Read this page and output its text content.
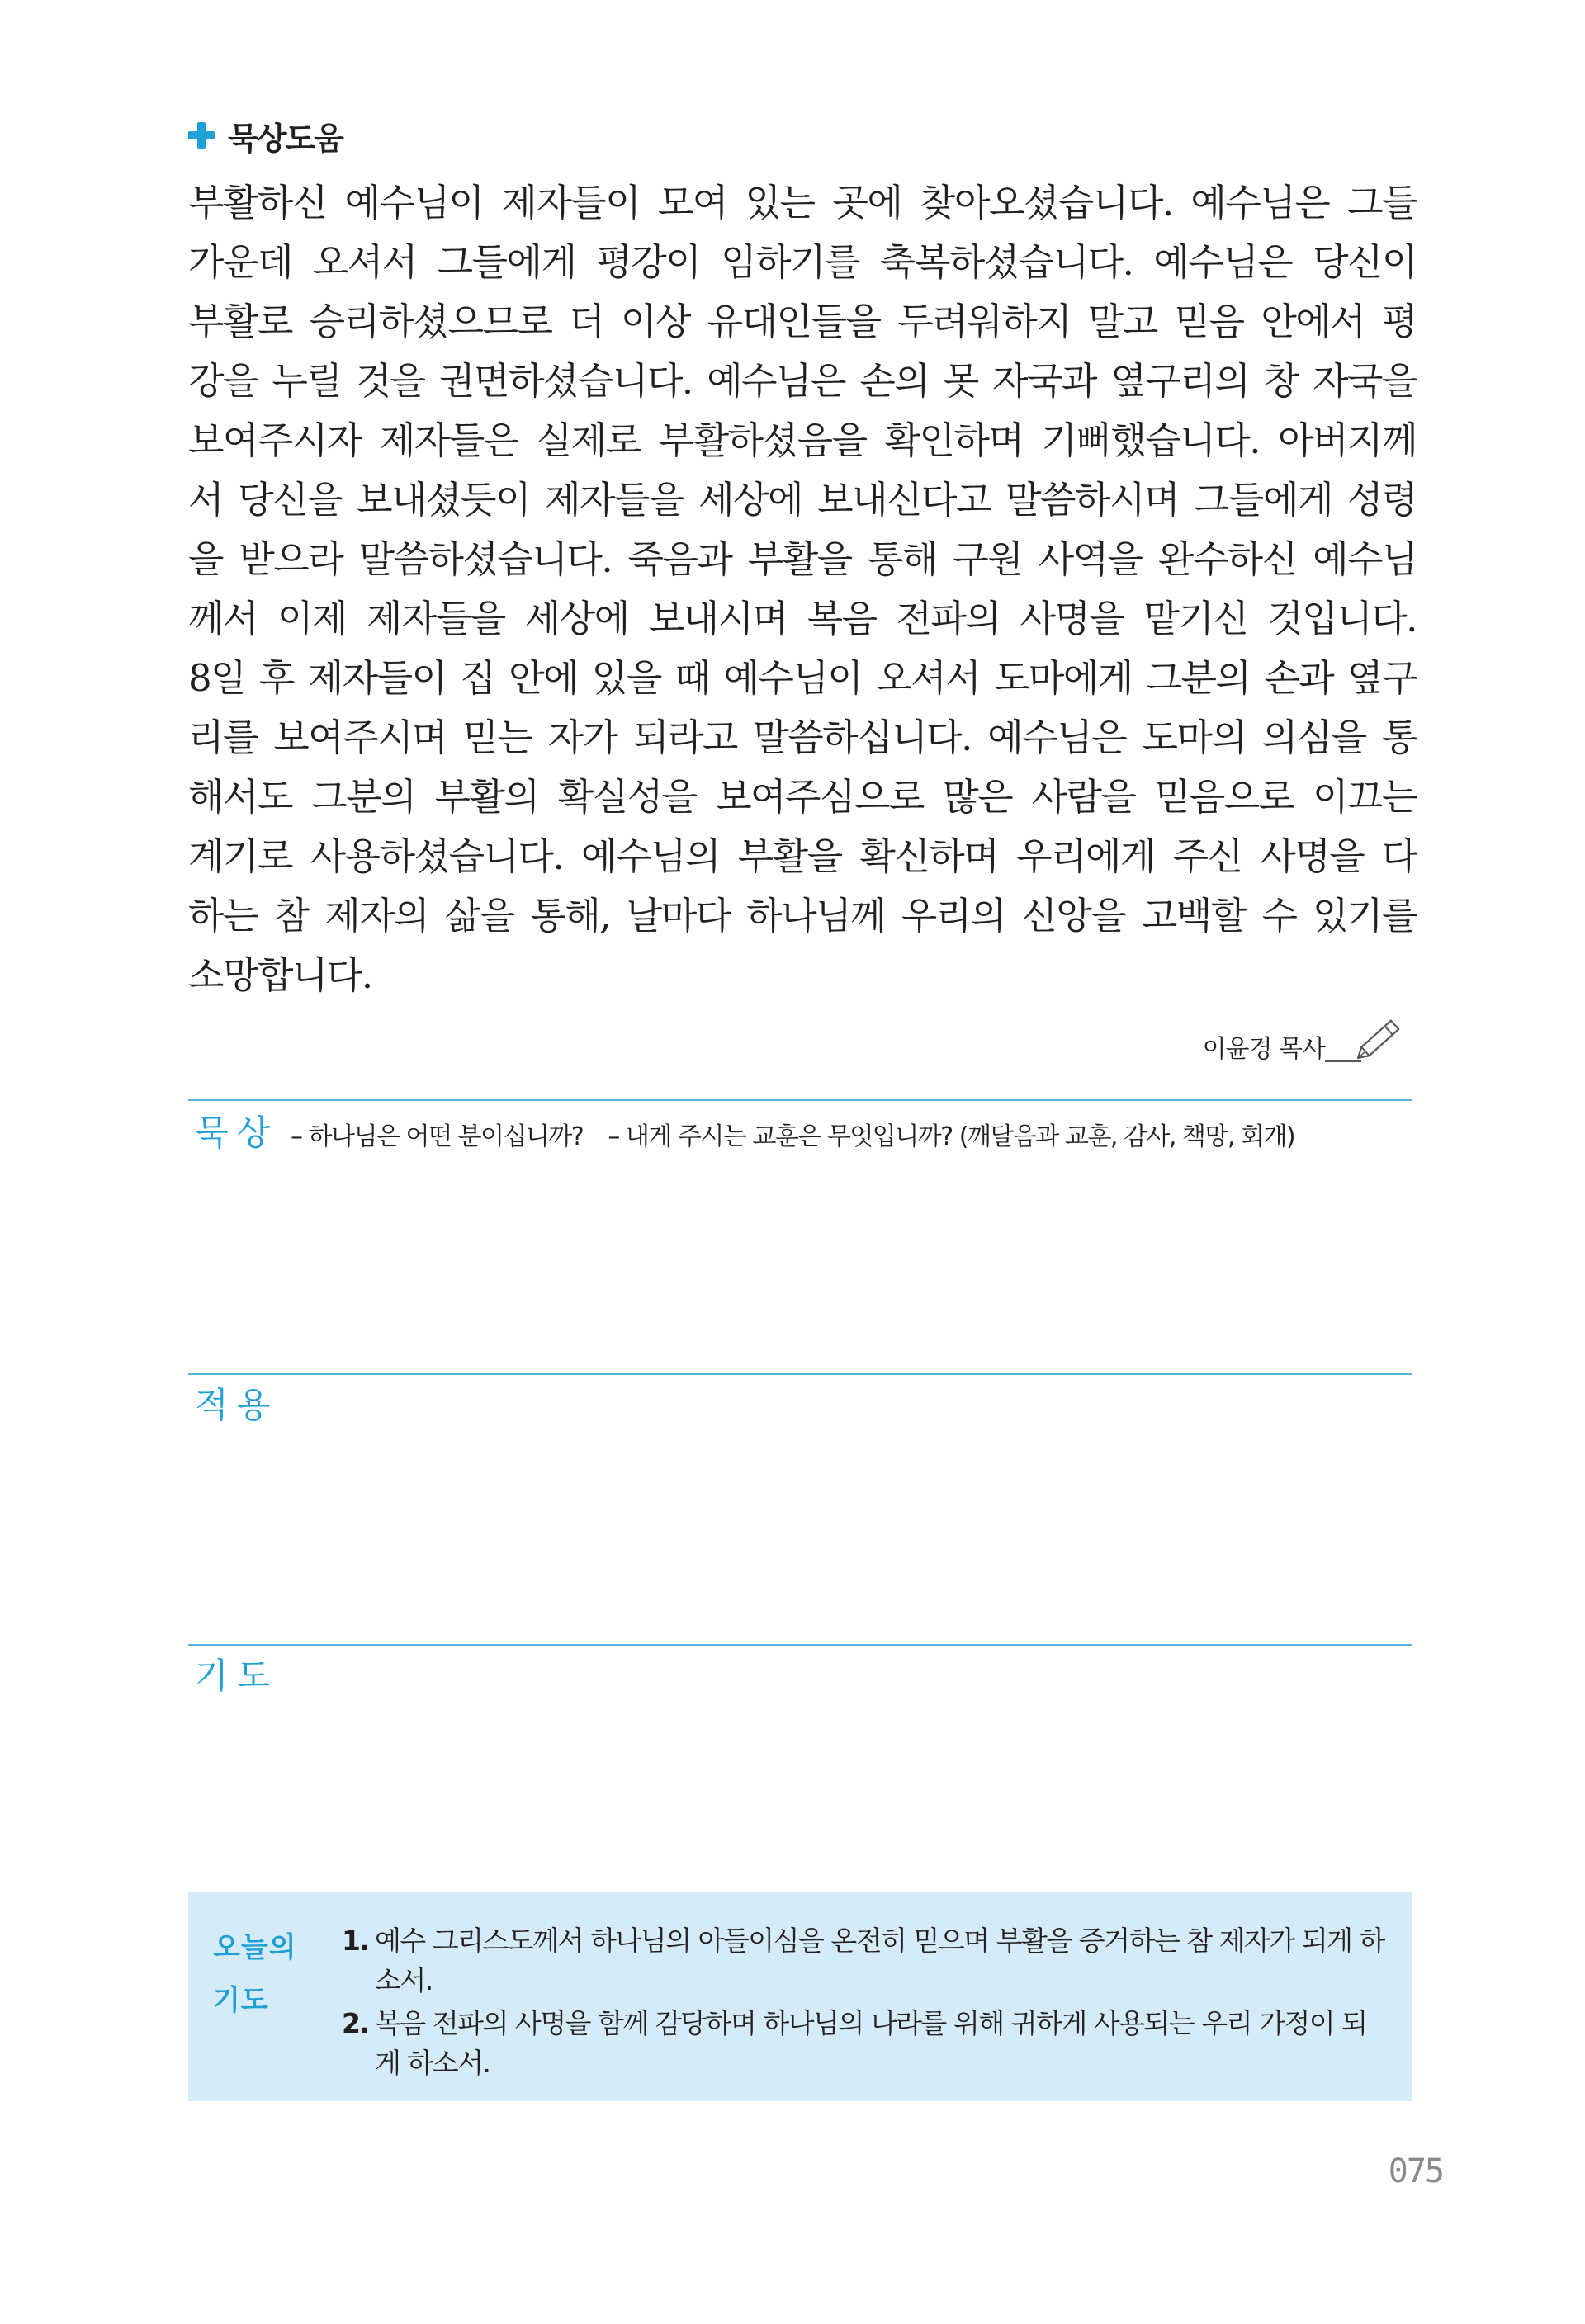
묵상도움
부활하신 예수님이 제자들이 모여 있는 곳에 찾아오셨습니다. 예수님은 그들
가운데 오셔서 그들에게 평강이 임하기를 축복하셨습니다. 예수님은 당신이
부활로 승리하셨으므로 더 이상 유대인들을 두려워하지 말고 믿음 안에서 평
강을 누릴 것을 권면하셨습니다. 예수님은 손의 못 자국과 옆구리의 창 자국을
보여주시자 제자들은 실제로 부활하셨음을 확인하며 기뻐했습니다. 아버지께
서 당신을 보내셨듯이 제자들을 세상에 보내신다고 말씀하시며 그들에게 성령
을 받으라 말씀하셨습니다. 죽음과 부활을 통해 구원 사역을 완수하신 예수님
께서 이제 제자들을 세상에 보내시며 복음 전파의 사명을 맡기신 것입니다.
8일 후 제자들이 집 안에 있을 때 예수님이 오셔서 도마에게 그분의 손과 옆구
리를 보여주시며 믿는 자가 되라고 말씀하십니다. 예수님은 도마의 의심을 통
해서도 그분의 부활의 확실성을 보여주심으로 많은 사람을 믿음으로 이끄는
계기로 사용하셨습니다. 예수님의 부활을 확신하며 우리에게 주신 사명을 다
하는 참 제자의 삶을 통해, 날마다 하나님께 우리의 신앙을 고백할 수 있기를
소망합니다.
이윤경 목사
묵상 – 하나님은 어떤 분이십니까? – 내게 주시는 교훈은 무엇입니까? (깨달음과 교훈, 감사, 책망, 회개)
적용
기도
오늘의
기도
1. 예수 그리스도께서 하나님의 아들이심을 온전히 믿으며 부활을 증거하는 참 제자가 되게 하소서.
2. 복음 전파의 사명을 함께 감당하며 하나님의 나라를 위해 귀하게 사용되는 우리 가정이 되게 하소서.
075
